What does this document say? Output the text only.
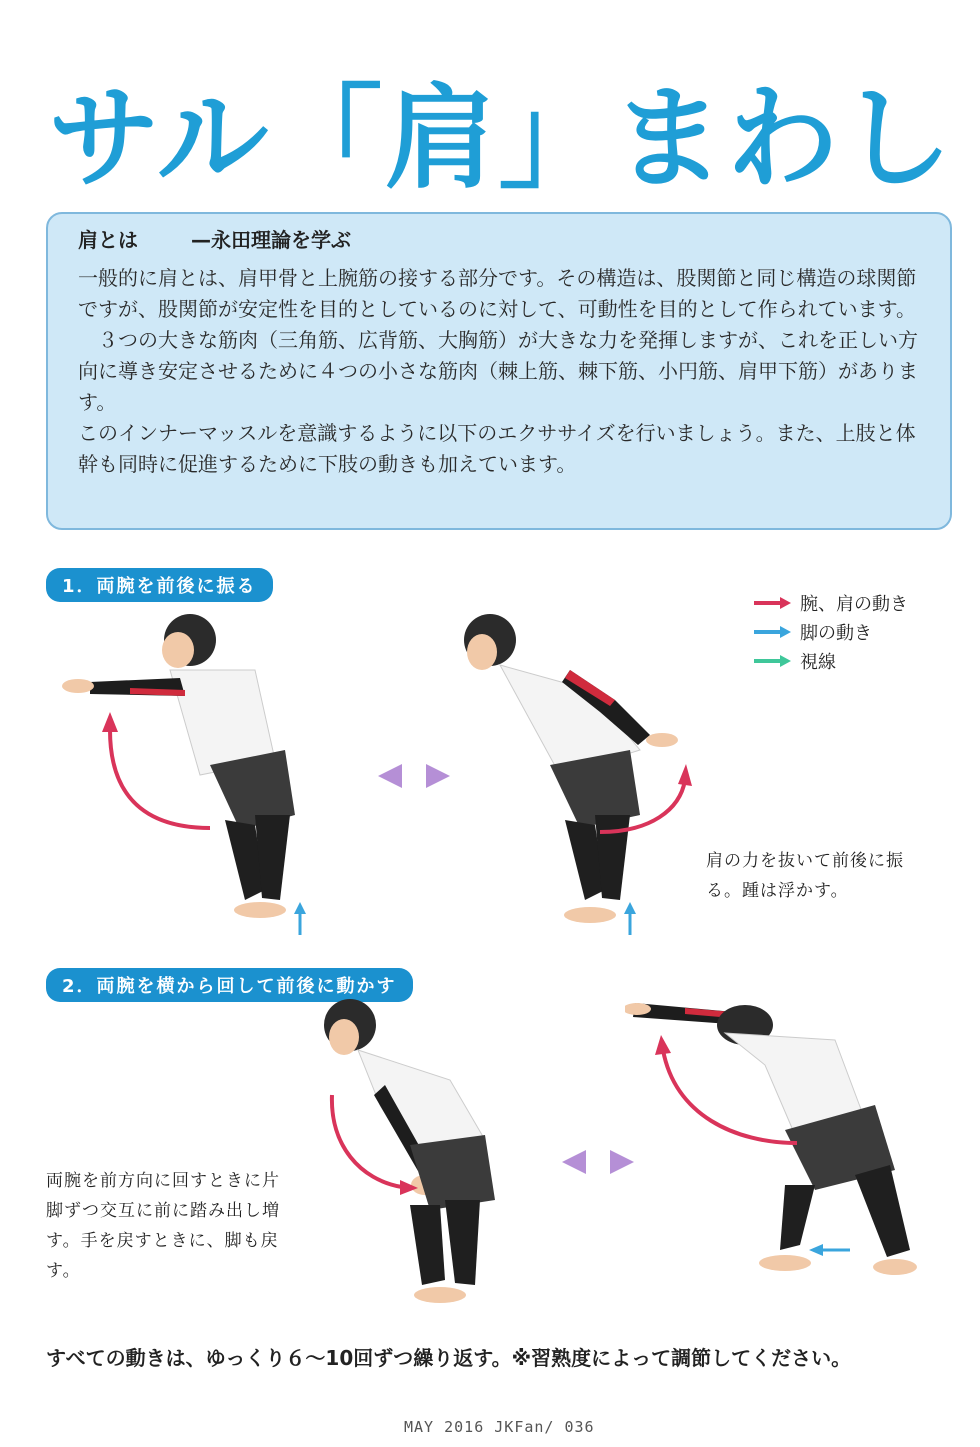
サル「肩」まわし
肩とは	—永田理論を学ぶ

一般的に肩とは、肩甲骨と上腕筋の接する部分です。その構造は、股関節と同じ構造の球関節ですが、股関節が安定性を目的としているのに対して、可動性を目的として作られています。

３つの大きな筋肉（三角筋、広背筋、大胸筋）が大きな力を発揮しますが、これを正しい方向に導き安定させるために４つの小さな筋肉（棘上筋、棘下筋、小円筋、肩甲下筋）があります。

このインナーマッスルを意識するように以下のエクササイズを行いましょう。また、上肢と体幹も同時に促進するために下肢の動きも加えています。

1．両腕を前後に振る
腕、肩の動き
脚の動き
視線
肩の力を抜いて前後に振る。踵は浮かす。
2．両腕を横から回して前後に動かす
両腕を前方向に回すときに片脚ずつ交互に前に踏み出し増す。手を戻すときに、脚も戻す。
すべての動きは、ゆっくり６～10回ずつ繰り返す。※習熟度によって調節してください。
MAY 2016 JKFan/ 036
